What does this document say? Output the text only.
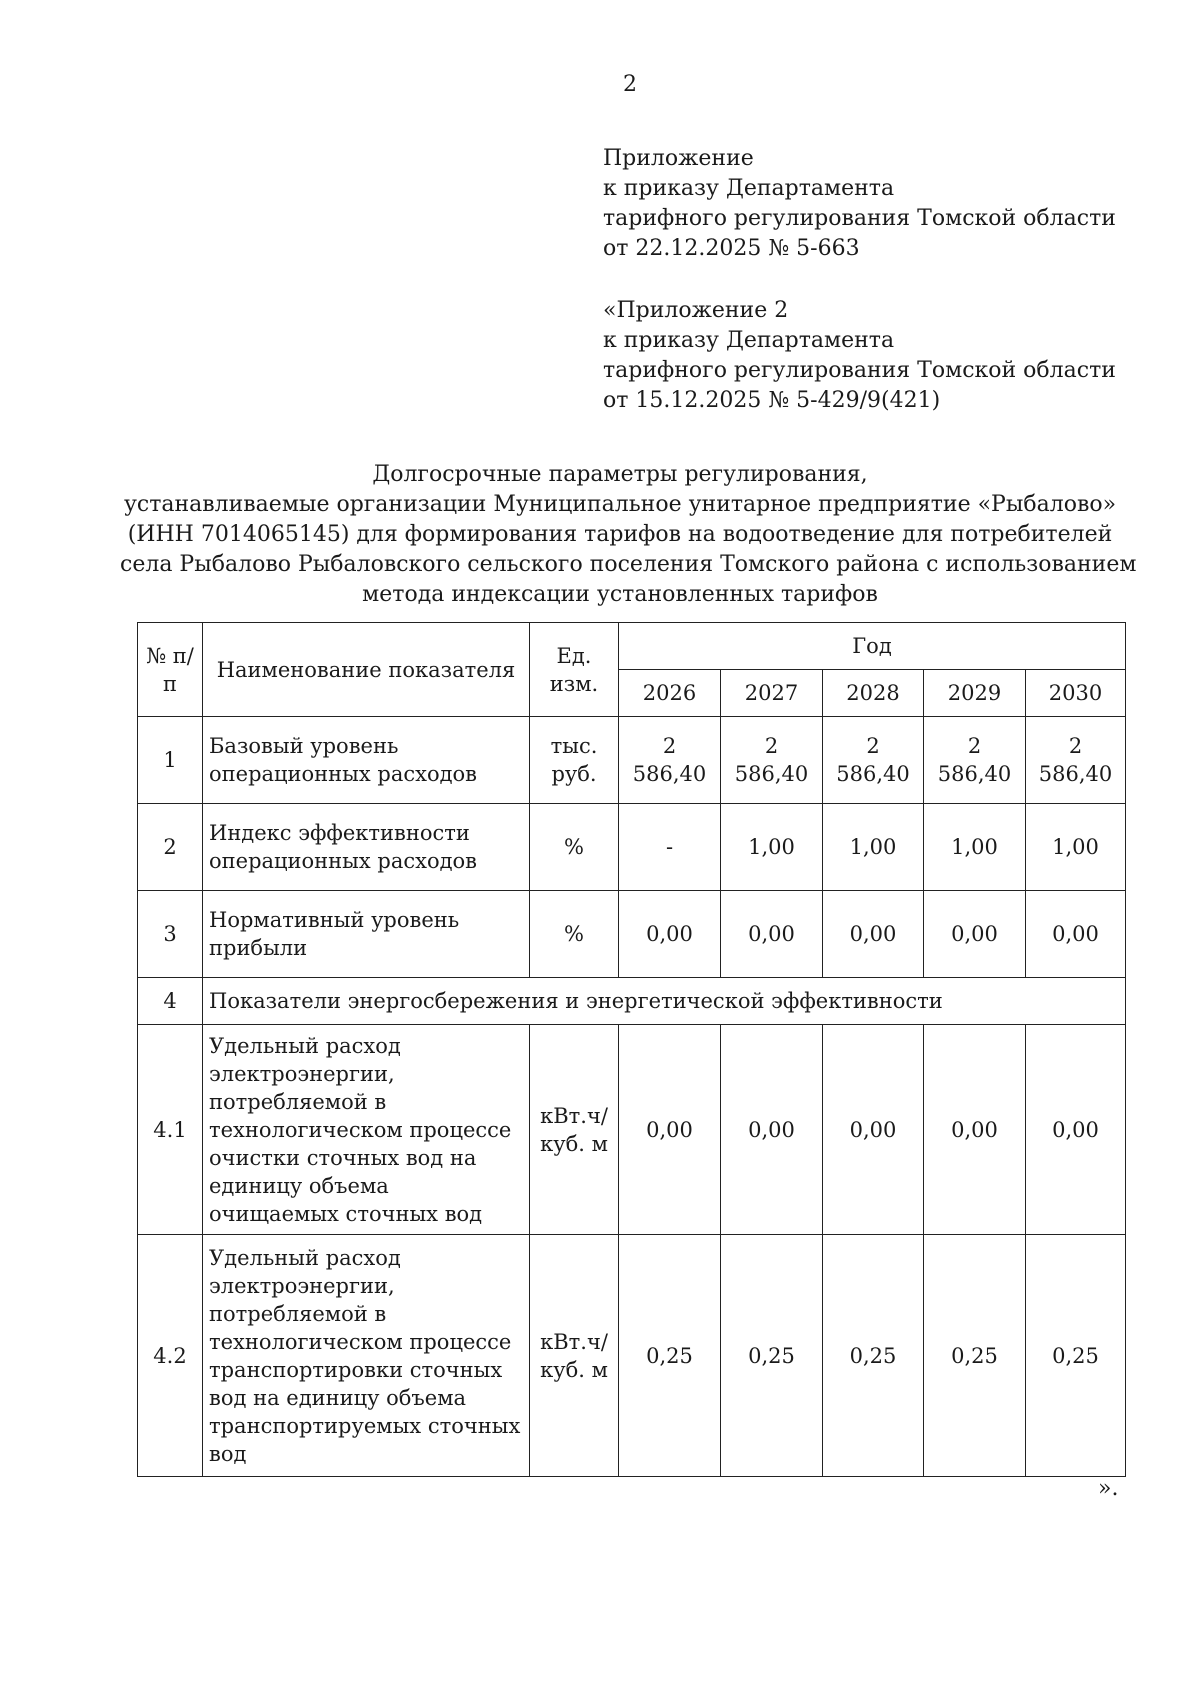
2
Приложение
к приказу Департамента
тарифного регулирования Томской области
от 22.12.2025 № 5-663
«Приложение 2
к приказу Департамента
тарифного регулирования Томской области
от 15.12.2025 № 5-429/9(421)
Долгосрочные параметры регулирования,
устанавливаемые организации Муниципальное унитарное предприятие «Рыбалово»
(ИНН 7014065145) для формирования тарифов на водоотведение для потребителей
села Рыбалово Рыбаловского сельского поселения Томского района с использованием
метода индексации установленных тарифов
№ п/п	Наименование показателя	Ед. изм.	Год				
			2026	2027	2028	2029	2030
1	Базовый уровень операционных расходов	тыс. руб.	2 586,40	2 586,40	2 586,40	2 586,40	2 586,40
2	Индекс эффективности операционных расходов	%	-	1,00	1,00	1,00	1,00
3	Нормативный уровень прибыли	%	0,00	0,00	0,00	0,00	0,00
4	Показатели энергосбережения и энергетической эффективности						
4.1	Удельный расход электроэнергии, потребляемой в технологическом процессе очистки сточных вод на единицу объема очищаемых сточных вод	кВт.ч/ куб. м	0,00	0,00	0,00	0,00	0,00
4.2	Удельный расход электроэнергии, потребляемой в технологическом процессе транспортировки сточных вод на единицу объема транспортируемых сточных вод	кВт.ч/ куб. м	0,25	0,25	0,25	0,25	0,25
».
